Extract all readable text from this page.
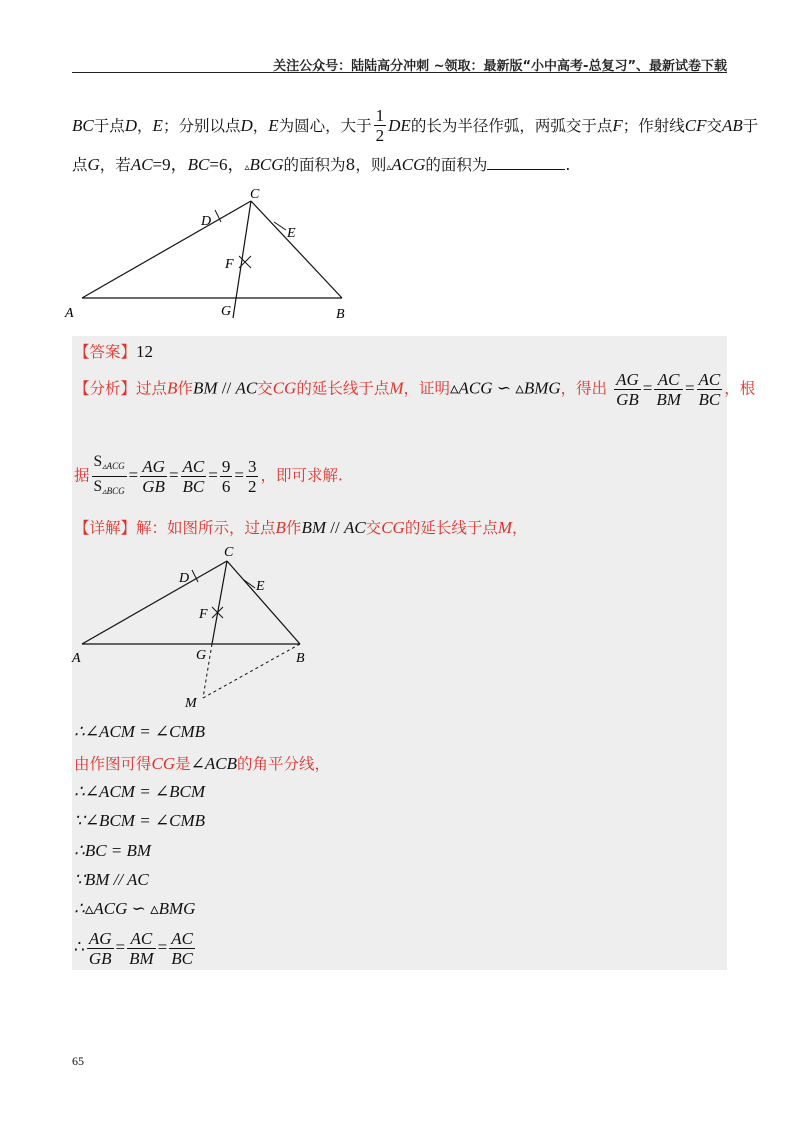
关注公众号：陆陆高分冲刺 ~领取：最新版“小中高考-总复习”、最新试卷下载
BC于点D，E；分别以点D，E为圆心，大于 $\frac{1}{2}$ DE的长为半径作弧，两弧交于点F；作射线CF交AB于
点G，若AC=9，BC=6，▵BCG的面积为8，则▵ACG的面积为	.
A	B
C
D
E
F
G
【答案】12
【分析】过点B作BM // AC交CG的延长线于点M，证明▵ACG ∽ ▵BMG，得出 $\frac{AG}{GB} = \frac{AC}{BM} = \frac{AC}{BC}$ ，根
据 $\frac{S_{▵ACG}}{S_{▵BCG}} = \frac{AG}{GB} = \frac{AC}{BC} = \frac{9}{6} = \frac{3}{2}$ ，即可求解.
【详解】解：如图所示，过点B作BM // AC交CG的延长线于点M，
A	B
C
D
E
F
G
M
∴∠ACM = ∠CMB
由作图可得CG是∠ACB的角平分线，
∴∠ACM = ∠BCM
∵∠BCM = ∠CMB
∴BC = BM
∵BM // AC
∴▵ACG ∽ ▵BMG
∴ $\frac{AG}{GB} = \frac{AC}{BM} = \frac{AC}{BC}$
65
